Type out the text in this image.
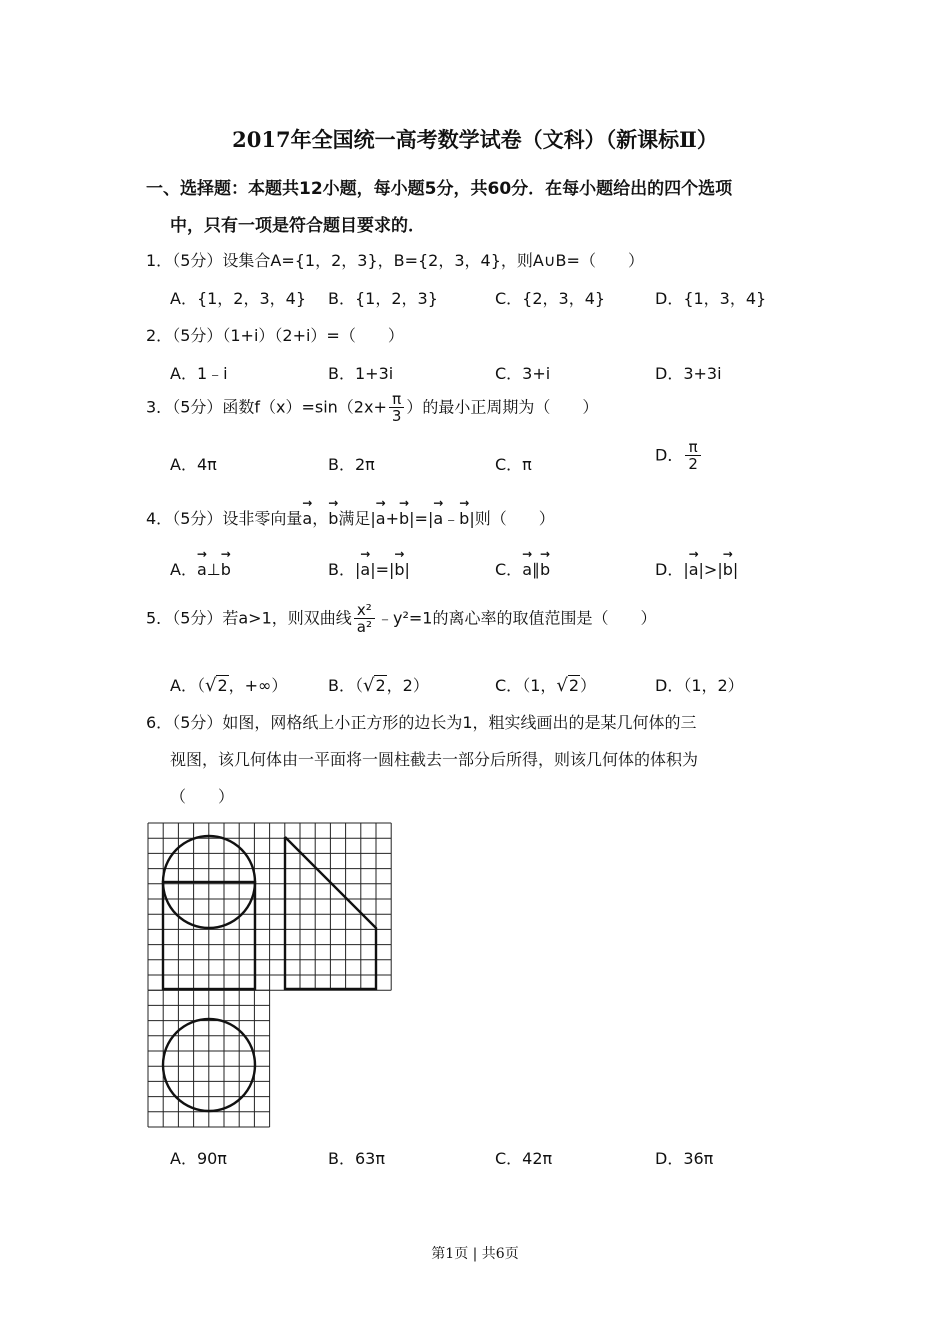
2017年全国统一高考数学试卷（文科）（新课标Ⅱ）
一、选择题：本题共12小题，每小题5分，共60分．在每小题给出的四个选项
中，只有一项是符合题目要求的．
1．（5分）设集合A={1，2，3}，B={2，3，4}，则A∪B=（　　）
A．{1，2，3，4} B．{1，2，3}	C．{2，3，4}	D．{1，3，4}
2．（5分）（1+i）（2+i）=（　　）
A．1﹣i	B．1+3i	C．3+i	D．3+3i
3．（5分）函数$f(x)=\sin(2x+ \frac{\pi}{3}$ ）的最小正周期为（　　）
A．4π	B．2π	C．π	D． $\frac{\pi}{2}$
4．（5分）设非零向量→ a，→ b满足|→ a+→ b|=|→ a﹣→ b|则（　　）
A．→ a⊥→ b	B．|→ a|=|→ b|	C．→ a∥→ b	D．|→ a|>|→ b|
5．（5分）若a>1，则双曲线 $\frac{\text{x²}}{\text{a²}}$ ﹣y²=1的离心率的取值范围是（　　）
A．（√2，+∞）	B．（√2，2）	C．（1，√2）	D．（1，2）
6．（5分）如图，网格纸上小正方形的边长为1，粗实线画出的是某几何体的三
视图，该几何体由一平面将一圆柱截去一部分后所得，则该几何体的体积为
（　　）
A．90π	B．63π	C．42π	D．36π
第1页 | 共6页
